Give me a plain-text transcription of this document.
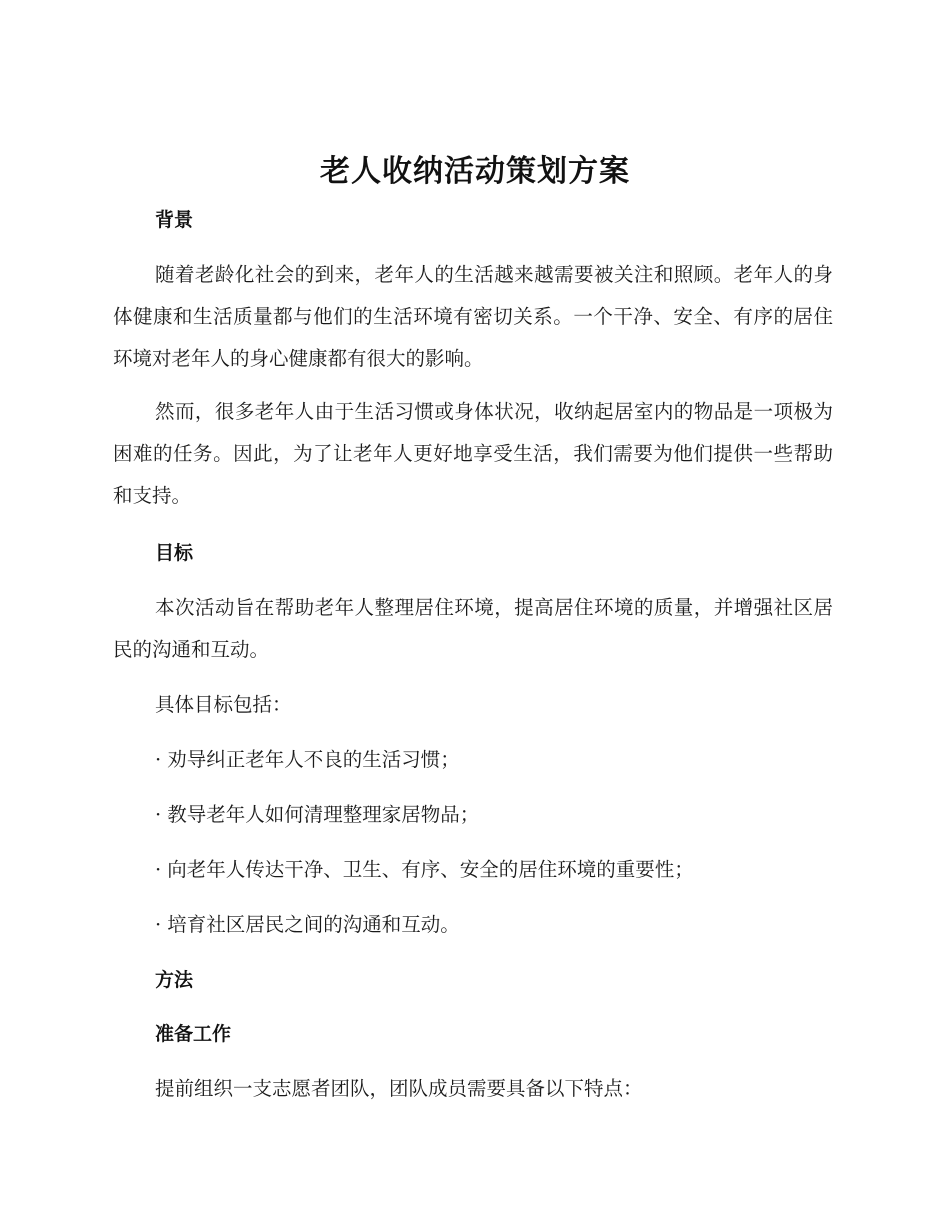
老人收纳活动策划方案
背景
随着老龄化社会的到来，老年人的生活越来越需要被关注和照顾。老年人的身体健康和生活质量都与他们的生活环境有密切关系。一个干净、安全、有序的居住环境对老年人的身心健康都有很大的影响。
然而，很多老年人由于生活习惯或身体状况，收纳起居室内的物品是一项极为困难的任务。因此，为了让老年人更好地享受生活，我们需要为他们提供一些帮助和支持。
目标
本次活动旨在帮助老年人整理居住环境，提高居住环境的质量，并增强社区居民的沟通和互动。
具体目标包括：
· 劝导纠正老年人不良的生活习惯；
· 教导老年人如何清理整理家居物品；
· 向老年人传达干净、卫生、有序、安全的居住环境的重要性；
· 培育社区居民之间的沟通和互动。
方法
准备工作
提前组织一支志愿者团队，团队成员需要具备以下特点：
